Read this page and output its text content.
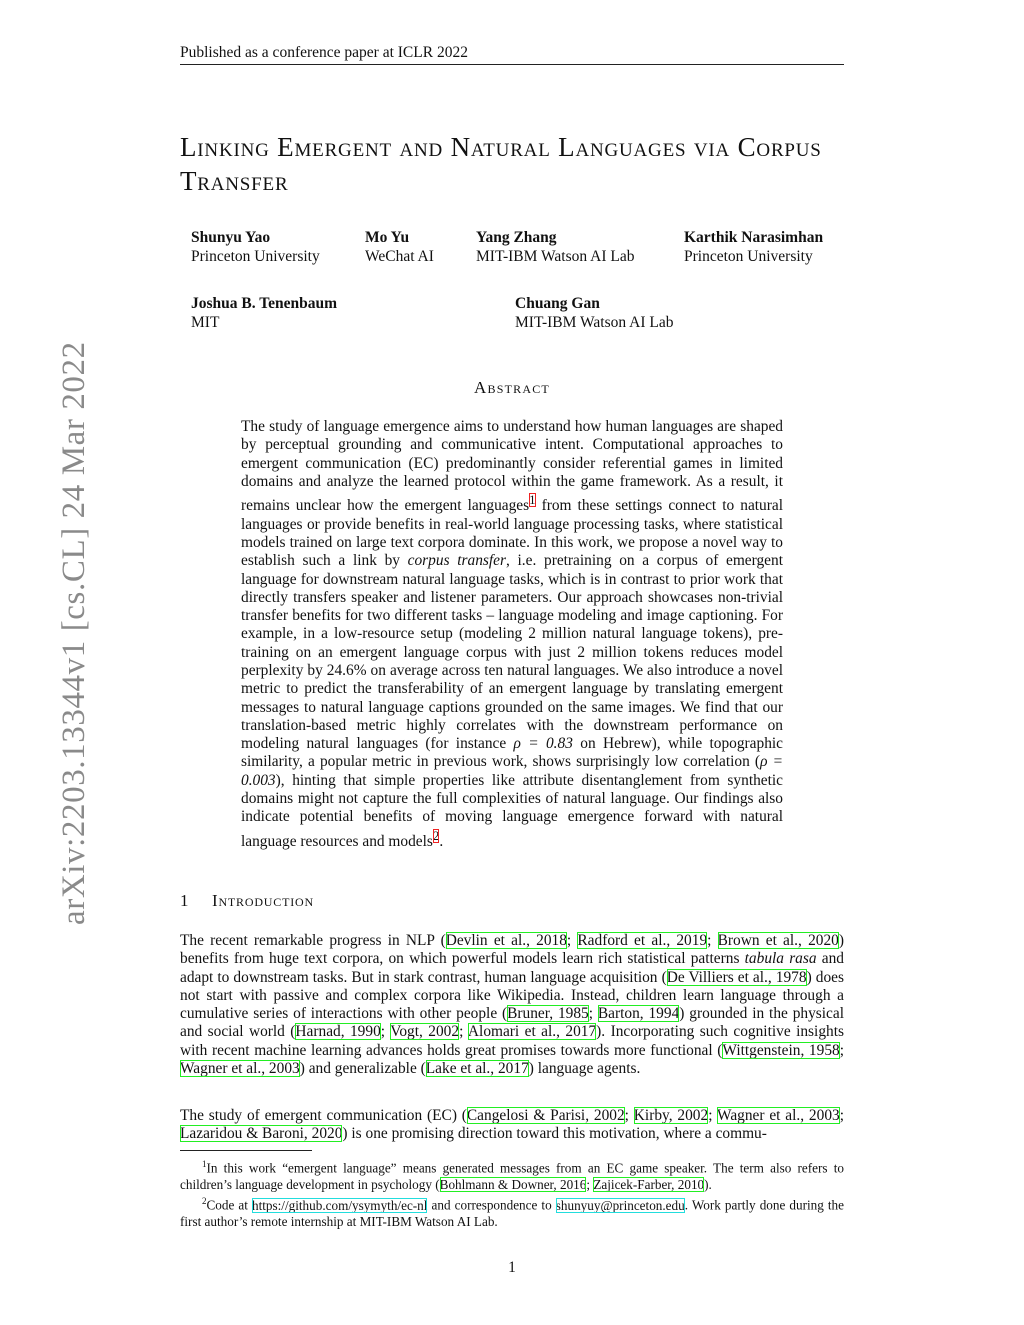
Published as a conference paper at ICLR 2022
Linking Emergent and Natural Languages via Corpus Transfer
Shunyu Yao
Princeton University
Mo Yu
WeChat AI
Yang Zhang
MIT-IBM Watson AI Lab
Karthik Narasimhan
Princeton University
Joshua B. Tenenbaum
MIT
Chuang Gan
MIT-IBM Watson AI Lab
arXiv:2203.13344v1 [cs.CL] 24 Mar 2022	Abstract
The study of language emergence aims to understand how human languages are shaped by perceptual grounding and communicative intent. Computational approaches to emergent communication (EC) predominantly consider referential games in limited domains and analyze the learned protocol within the game framework. As a result, it remains unclear how the emergent languages$^1$ from these settings connect to natural languages or provide benefits in real-world language processing tasks, where statistical models trained on large text corpora dominate. In this work, we propose a novel way to establish such a link by corpus transfer, i.e. pretraining on a corpus of emergent language for downstream natural language tasks, which is in contrast to prior work that directly transfers speaker and listener parameters. Our approach showcases non-trivial transfer benefits for two different tasks – language modeling and image captioning. For example, in a low-resource setup (modeling 2 million natural language tokens), pre-training on an emergent language corpus with just 2 million tokens reduces model perplexity by 24.6% on average across ten natural languages. We also introduce a novel metric to predict the transferability of an emergent language by translating emergent messages to natural language captions grounded on the same images. We find that our translation-based metric highly correlates with the downstream performance on modeling natural languages (for instance ρ = 0.83 on Hebrew), while topographic similarity, a popular metric in previous work, shows surprisingly low correlation (ρ = 0.003), hinting that simple properties like attribute disentanglement from synthetic domains might not capture the full complexities of natural language. Our findings also indicate potential benefits of moving language emergence forward with natural language resources and models$^2$.
1 Introduction
The recent remarkable progress in NLP (Devlin et al., 2018; Radford et al., 2019; Brown et al., 2020) benefits from huge text corpora, on which powerful models learn rich statistical patterns tabula rasa and adapt to downstream tasks. But in stark contrast, human language acquisition (De Villiers et al., 1978) does not start with passive and complex corpora like Wikipedia. Instead, children learn language through a cumulative series of interactions with other people (Bruner, 1985; Barton, 1994) grounded in the physical and social world (Harnad, 1990; Vogt, 2002; Alomari et al., 2017). Incorporating such cognitive insights with recent machine learning advances holds great promises towards more functional (Wittgenstein, 1958; Wagner et al., 2003) and generalizable (Lake et al., 2017) language agents.
The study of emergent communication (EC) (Cangelosi & Parisi, 2002; Kirby, 2002; Wagner et al., 2003; Lazaridou & Baroni, 2020) is one promising direction toward this motivation, where a commu-
$^1$In this work “emergent language” means generated messages from an EC game speaker. The term also refers to children’s language development in psychology (Bohlmann & Downer, 2016; Zajicek-Farber, 2010).
$^2$Code at https://github.com/ysymyth/ec-nl and correspondence to shunyuy@princeton.edu. Work partly done during the first author’s remote internship at MIT-IBM Watson AI Lab.
1
